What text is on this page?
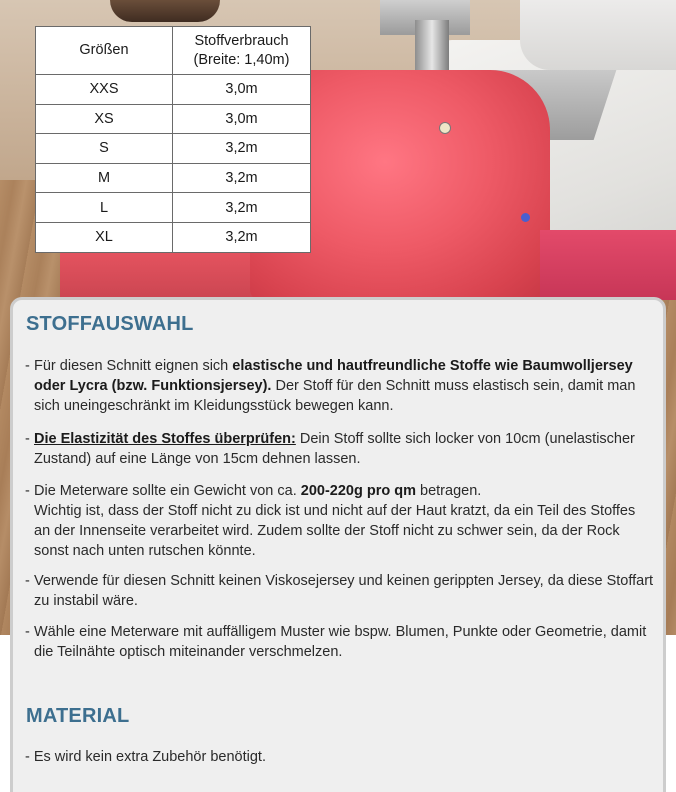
Größen	Stoffverbrauch
(Breite: 1,40m)
XXS	3,0m
XS	3,0m
S	3,2m
M	3,2m
L	3,2m
XL	3,2m
STOFFAUSWAHL
- Für diesen Schnitt eignen sich elastische und hautfreundliche Stoffe wie Baumwolljersey oder Lycra (bzw. Funktionsjersey). Der Stoff für den Schnitt muss elastisch sein, damit man sich uneingeschränkt im Kleidungsstück bewegen kann.
- Die Elastizität des Stoffes überprüfen: Dein Stoff sollte sich locker von 10cm (unelastischer Zustand) auf eine Länge von 15cm dehnen lassen.
- Die Meterware sollte ein Gewicht von ca. 200-220g pro qm betragen.
Wichtig ist, dass der Stoff nicht zu dick ist und nicht auf der Haut kratzt, da ein Teil des Stoffes an der Innenseite verarbeitet wird. Zudem sollte der Stoff nicht zu schwer sein, da der Rock sonst nach unten rutschen könnte.
- Verwende für diesen Schnitt keinen Viskosejersey und keinen gerippten Jersey, da diese Stoffart zu instabil wäre.
- Wähle eine Meterware mit auffälligem Muster wie bspw. Blumen, Punkte oder Geometrie, damit die Teilnähte optisch miteinander verschmelzen.
MATERIAL
- Es wird kein extra Zubehör benötigt.
